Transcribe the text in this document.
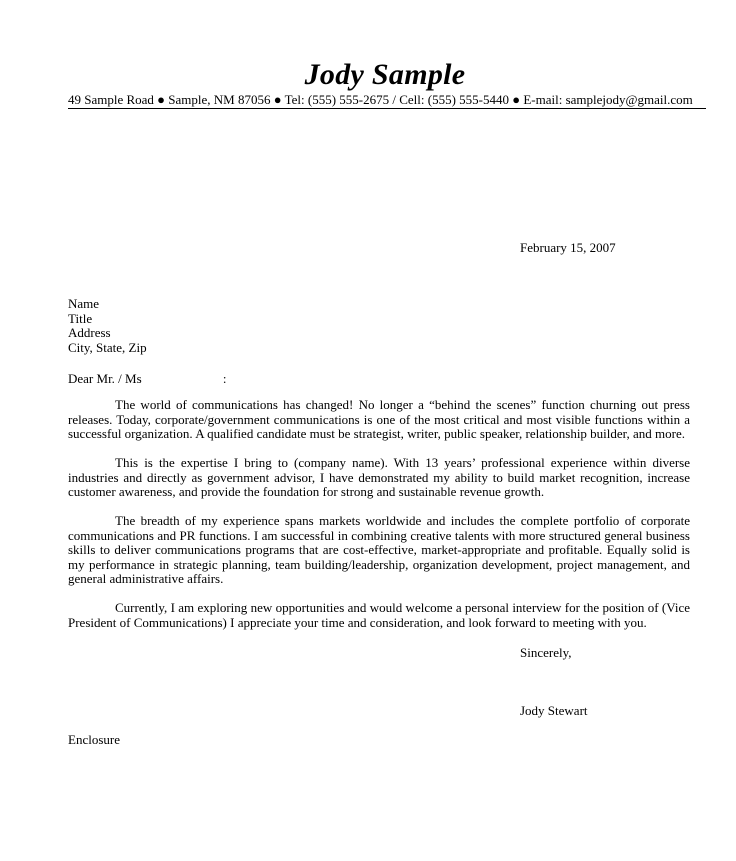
Jody Sample
49 Sample Road ● Sample, NM 87056 ● Tel: (555) 555-2675 / Cell: (555) 555-5440 ● E-mail: samplejody@gmail.com
February 15, 2007
Name
Title
Address
City, State, Zip
Dear Mr. / Ms                         :
The world of communications has changed! No longer a “behind the scenes” function churning out press releases. Today, corporate/government communications is one of the most critical and most visible functions within a successful organization. A qualified candidate must be strategist, writer, public speaker, relationship builder, and more.
This is the expertise I bring to (company name). With 13 years’ professional experience within diverse industries and directly as government advisor, I have demonstrated my ability to build market recognition, increase customer awareness, and provide the foundation for strong and sustainable revenue growth.
The breadth of my experience spans markets worldwide and includes the complete portfolio of corporate communications and PR functions. I am successful in combining creative talents with more structured general business skills to deliver communications programs that are cost-effective, market-appropriate and profitable. Equally solid is my performance in strategic planning, team building/leadership, organization development, project management, and general administrative affairs.
Currently, I am exploring new opportunities and would welcome a personal interview for the position of (Vice President of Communications) I appreciate your time and consideration, and look forward to meeting with you.
Sincerely,
Jody Stewart
Enclosure
